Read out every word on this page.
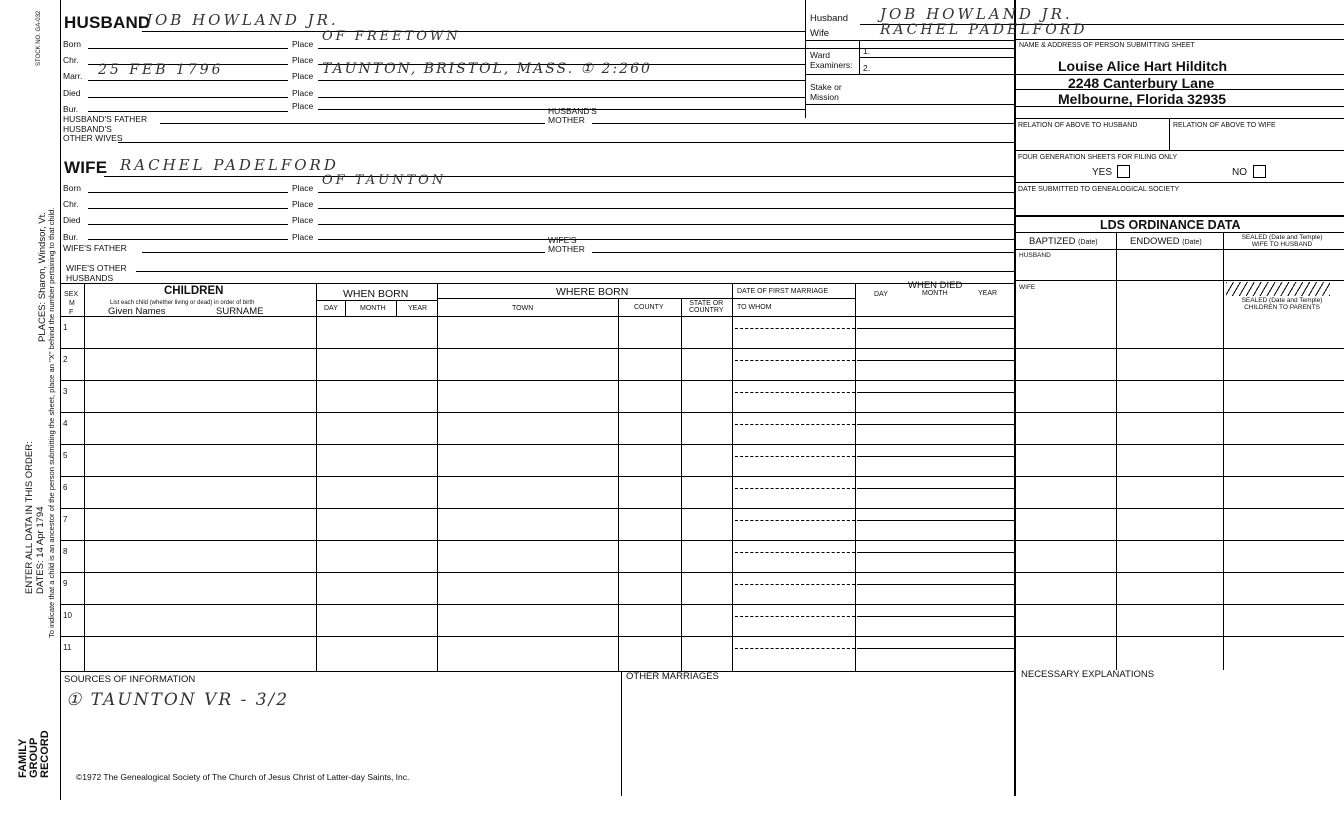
STOCK NO. GA-032
PLACES: Sharon, Windsor, Vt.
ENTER ALL DATA IN THIS ORDER: DATES: 14 Apr 1794 To indicate that a child is an ancestor of the person submitting the sheet, place an "X" behind the number pertaining to that child.
FAMILY GROUP RECORD
HUSBAND
JOB HOWLAND JR.
Born	Place OF FREETOWN
Chr.	Place
Marr. 25 FEB 1796	Place TAUNTON, BRISTOL, MASS. ① 2:260
Died	Place
Bur.	Place
HUSBAND'S FATHER
HUSBAND'S
MOTHER
HUSBAND'S
OTHER WIVES
WIFE RACHEL PADELFORD
Born	Place OF TAUNTON
Chr.	Place
Died	Place
Bur.	Place
WIFE'S FATHER
WIFE'S
MOTHER
WIFE'S OTHER
HUSBANDS
Husband JOB HOWLAND JR.
Wife	RACHEL PADELFORD
Ward
Examiners:
1.
2.
Stake or
Mission
NAME & ADDRESS OF PERSON SUBMITTING SHEET
Louise Alice Hart Hilditch
2248 Canterbury Lane
Melbourne, Florida 32935
RELATION OF ABOVE TO HUSBAND	RELATION OF ABOVE TO WIFE
FOUR GENERATION SHEETS FOR FILING ONLY
YES	NO
DATE SUBMITTED TO GENEALOGICAL SOCIETY
LDS ORDINANCE DATA
BAPTIZED (Date)	ENDOWED (Date)
SEALED (Date and Temple)
WIFE TO HUSBAND
HUSBAND
WIFE
SEALED (Date and Temple)
CHILDREN TO PARENTS
SEX
M
F
CHILDREN
List each child (whether living or dead) in order of birth
Given Names	SURNAME
WHEN BORN
DAY	MONTH	YEAR
WHERE BORN
TOWN	COUNTY
STATE OR
COUNTRY
DATE OF FIRST MARRIAGE
TO WHOM
WHEN DIED
DAY	MONTH	YEAR
1
2
3
4
5
6
7
8
9
10
11
SOURCES OF INFORMATION
① TAUNTON VR - 3/2
OTHER MARRIAGES	NECESSARY EXPLANATIONS
©1972 The Genealogical Society of The Church of Jesus Christ of Latter-day Saints, Inc.
